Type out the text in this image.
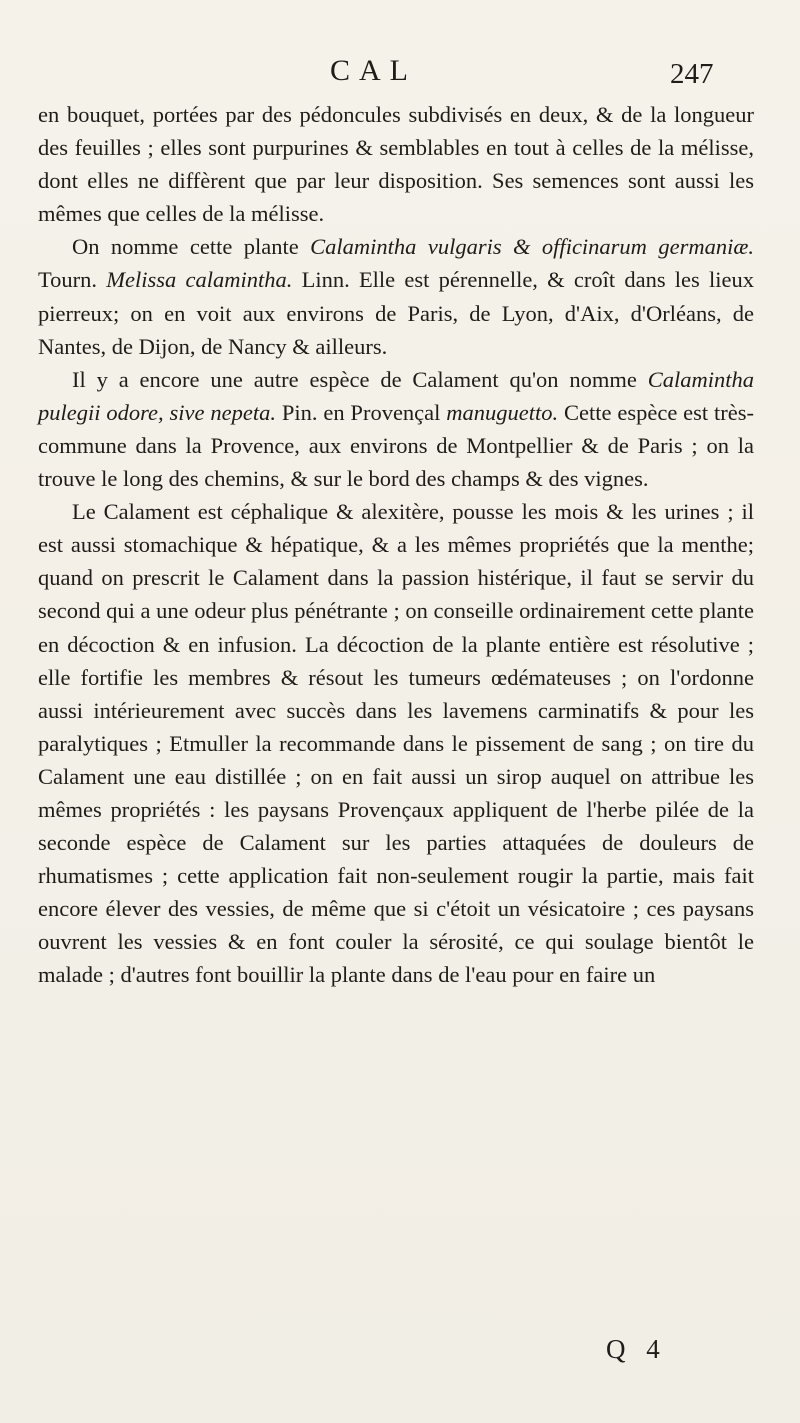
CAL	247

en bouquet, portées par des pédoncules subdivisés en deux, & de la longueur des feuilles ; elles sont purpurines & semblables en tout à celles de la mélisse, dont elles ne diffèrent que par leur disposition. Ses semences sont aussi les mêmes que celles de la mélisse.

On nomme cette plante Calamintha vulgaris & officinarum germaniæ. Tourn. Melissa calamintha. Linn. Elle est pérennelle, & croît dans les lieux pierreux; on en voit aux environs de Paris, de Lyon, d'Aix, d'Orléans, de Nantes, de Dijon, de Nancy & ailleurs.

Il y a encore une autre espèce de Calament qu'on nomme Calamintha pulegii odore, sive nepeta. Pin. en Provençal manuguetto. Cette espèce est très-commune dans la Provence, aux environs de Montpellier & de Paris ; on la trouve le long des chemins, & sur le bord des champs & des vignes.

Le Calament est céphalique & alexitère, pousse les mois & les urines ; il est aussi stomachique & hépatique, & a les mêmes propriétés que la menthe; quand on prescrit le Calament dans la passion histérique, il faut se servir du second qui a une odeur plus pénétrante ; on conseille ordinairement cette plante en décoction & en infusion. La décoction de la plante entière est résolutive ; elle fortifie les membres & résout les tumeurs œdémateuses ; on l'ordonne aussi intérieurement avec succès dans les lavemens carminatifs & pour les paralytiques ; Etmuller la recommande dans le pissement de sang ; on tire du Calament une eau distillée ; on en fait aussi un sirop auquel on attribue les mêmes propriétés : les paysans Provençaux appliquent de l'herbe pilée de la seconde espèce de Calament sur les parties attaquées de douleurs de rhumatismes ; cette application fait non-seulement rougir la partie, mais fait encore élever des vessies, de même que si c'étoit un vésicatoire ; ces paysans ouvrent les vessies & en font couler la sérosité, ce qui soulage bientôt le malade ; d'autres font bouillir la plante dans de l'eau pour en faire un

Q 4
